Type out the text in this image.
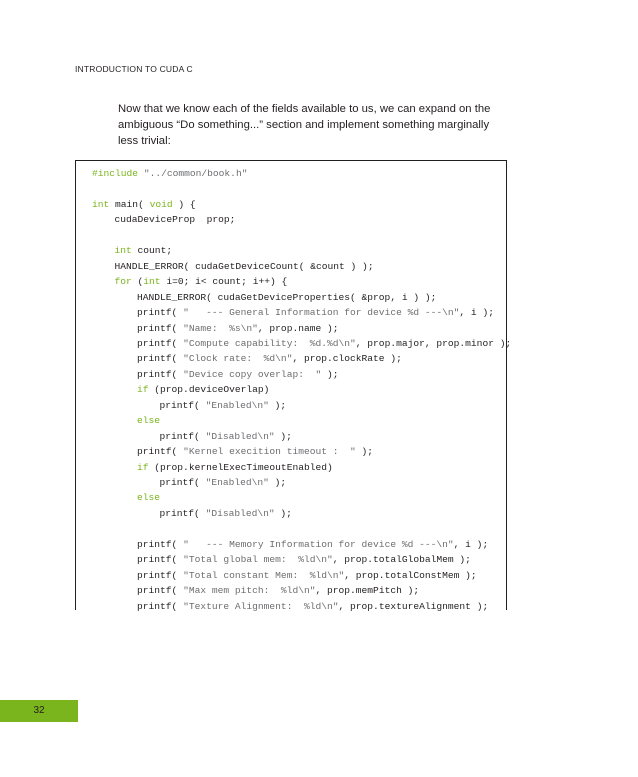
INTRODUCTION TO CUDA C
Now that we know each of the fields available to us, we can expand on the ambiguous “Do something...” section and implement something marginally less trivial:
#include "../common/book.h"
int main( void ) {
cudaDeviceProp  prop;
int count;
HANDLE_ERROR( cudaGetDeviceCount( &count ) );
for (int i=0; i< count; i++) {
HANDLE_ERROR( cudaGetDeviceProperties( &prop, i ) );
printf( "   --- General Information for device %d ---\n", i );
printf( "Name:  %s\n", prop.name );
printf( "Compute capability:  %d.%d\n", prop.major, prop.minor );
printf( "Clock rate:  %d\n", prop.clockRate );
printf( "Device copy overlap:  " );
if (prop.deviceOverlap)
printf( "Enabled\n" );
else
printf( "Disabled\n" );
printf( "Kernel execition timeout :  " );
if (prop.kernelExecTimeoutEnabled)
printf( "Enabled\n" );
else
printf( "Disabled\n" );
printf( "   --- Memory Information for device %d ---\n", i );
printf( "Total global mem:  %ld\n", prop.totalGlobalMem );
printf( "Total constant Mem:  %ld\n", prop.totalConstMem );
printf( "Max mem pitch:  %ld\n", prop.memPitch );
printf( "Texture Alignment:  %ld\n", prop.textureAlignment );
32
